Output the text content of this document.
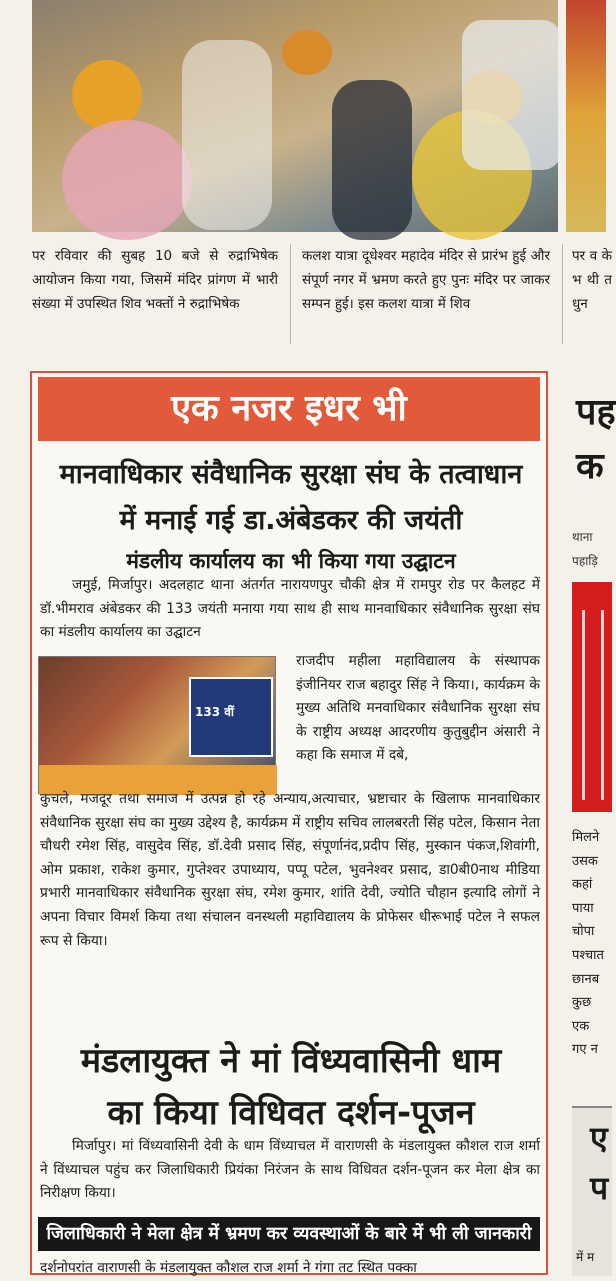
पर रविवार की सुबह 10 बजे से रुद्राभिषेक आयोजन किया गया, जिसमें मंदिर प्रांगण में भारी संख्या में उपस्थित शिव भक्तों ने रुद्राभिषेक
कलश यात्रा दूधेश्वर महादेव मंदिर से प्रारंभ हुई और संपूर्ण नगर में भ्रमण करते हुए पुनः मंदिर पर जाकर सम्पन हुई। इस कलश यात्रा में शिव
पर व के भ थी त धुन
एक नजर इधर भी
मानवाधिकार संवैधानिक सुरक्षा संघ के तत्वाधान
में मनाई गई डा.अंबेडकर की जयंती
मंडलीय कार्यालय का भी किया गया उद्घाटन
जमुई, मिर्जापुर। अदलहाट थाना अंतर्गत नारायणपुर चौकी क्षेत्र में रामपुर रोड पर कैलहट में डॉ.भीमराव अंबेडकर की 133 जयंती मनाया गया साथ ही साथ मानवाधिकार संवैधानिक सुरक्षा संघ का मंडलीय कार्यालय का उद्घाटन
133 वीं
राजदीप महीला महाविद्यालय के संस्थापक इंजीनियर राज बहादुर सिंह ने किया।, कार्यक्रम के मुख्य अतिथि मनवाधिकार संवैधानिक सुरक्षा संघ के राष्ट्रीय अध्यक्ष आदरणीय कुतुबुद्दीन अंसारी ने कहा कि समाज में दबे,
कुचले, मजदूर तथा समाज में उत्पन्न हो रहे अन्याय,अत्याचार, भ्रष्टाचार के खिलाफ मानवाधिकार संवैधानिक सुरक्षा संघ का मुख्य उद्देश्य है, कार्यक्रम में राष्ट्रीय सचिव लालबरती सिंह पटेल, किसान नेता चौधरी रमेश सिंह, वासुदेव सिंह, डॉ.देवी प्रसाद सिंह, संपूर्णानंद,प्रदीप सिंह, मुस्कान पंकज,शिवांगी, ओम प्रकाश, राकेश कुमार, गुप्तेश्वर उपाध्याय, पप्पू पटेल, भुवनेश्वर प्रसाद, डा0बी0नाथ मीडिया प्रभारी मानवाधिकार संवैधानिक सुरक्षा संघ, रमेश कुमार, शांति देवी, ज्योति चौहान इत्यादि लोगों ने अपना विचार विमर्श किया तथा संचालन वनस्थली महाविद्यालय के प्रोफेसर धीरूभाई पटेल ने सफल रूप से किया।
मंडलायुक्त ने मां विंध्यवासिनी धाम
का किया विधिवत दर्शन-पूजन
मिर्जापुर। मां विंध्यवासिनी देवी के धाम विंध्याचल में वाराणसी के मंडलायुक्त कौशल राज शर्मा ने विंध्याचल पहुंच कर जिलाधिकारी प्रियंका निरंजन के साथ विधिवत दर्शन-पूजन कर मेला क्षेत्र का निरीक्षण किया।
जिलाधिकारी ने मेला क्षेत्र में भ्रमण कर व्यवस्थाओं के बारे में भी ली जानकारी
दर्शनोपरांत वाराणसी के मंडलायुक्त कौशल राज शर्मा ने गंगा तट स्थित पक्का
पह
क
थाना
पहाड़ि
मिलने
उसक
कहां
पाया
चोपा
पश्चात
छानब
कुछ
एक
गए न
ए
प
में म
